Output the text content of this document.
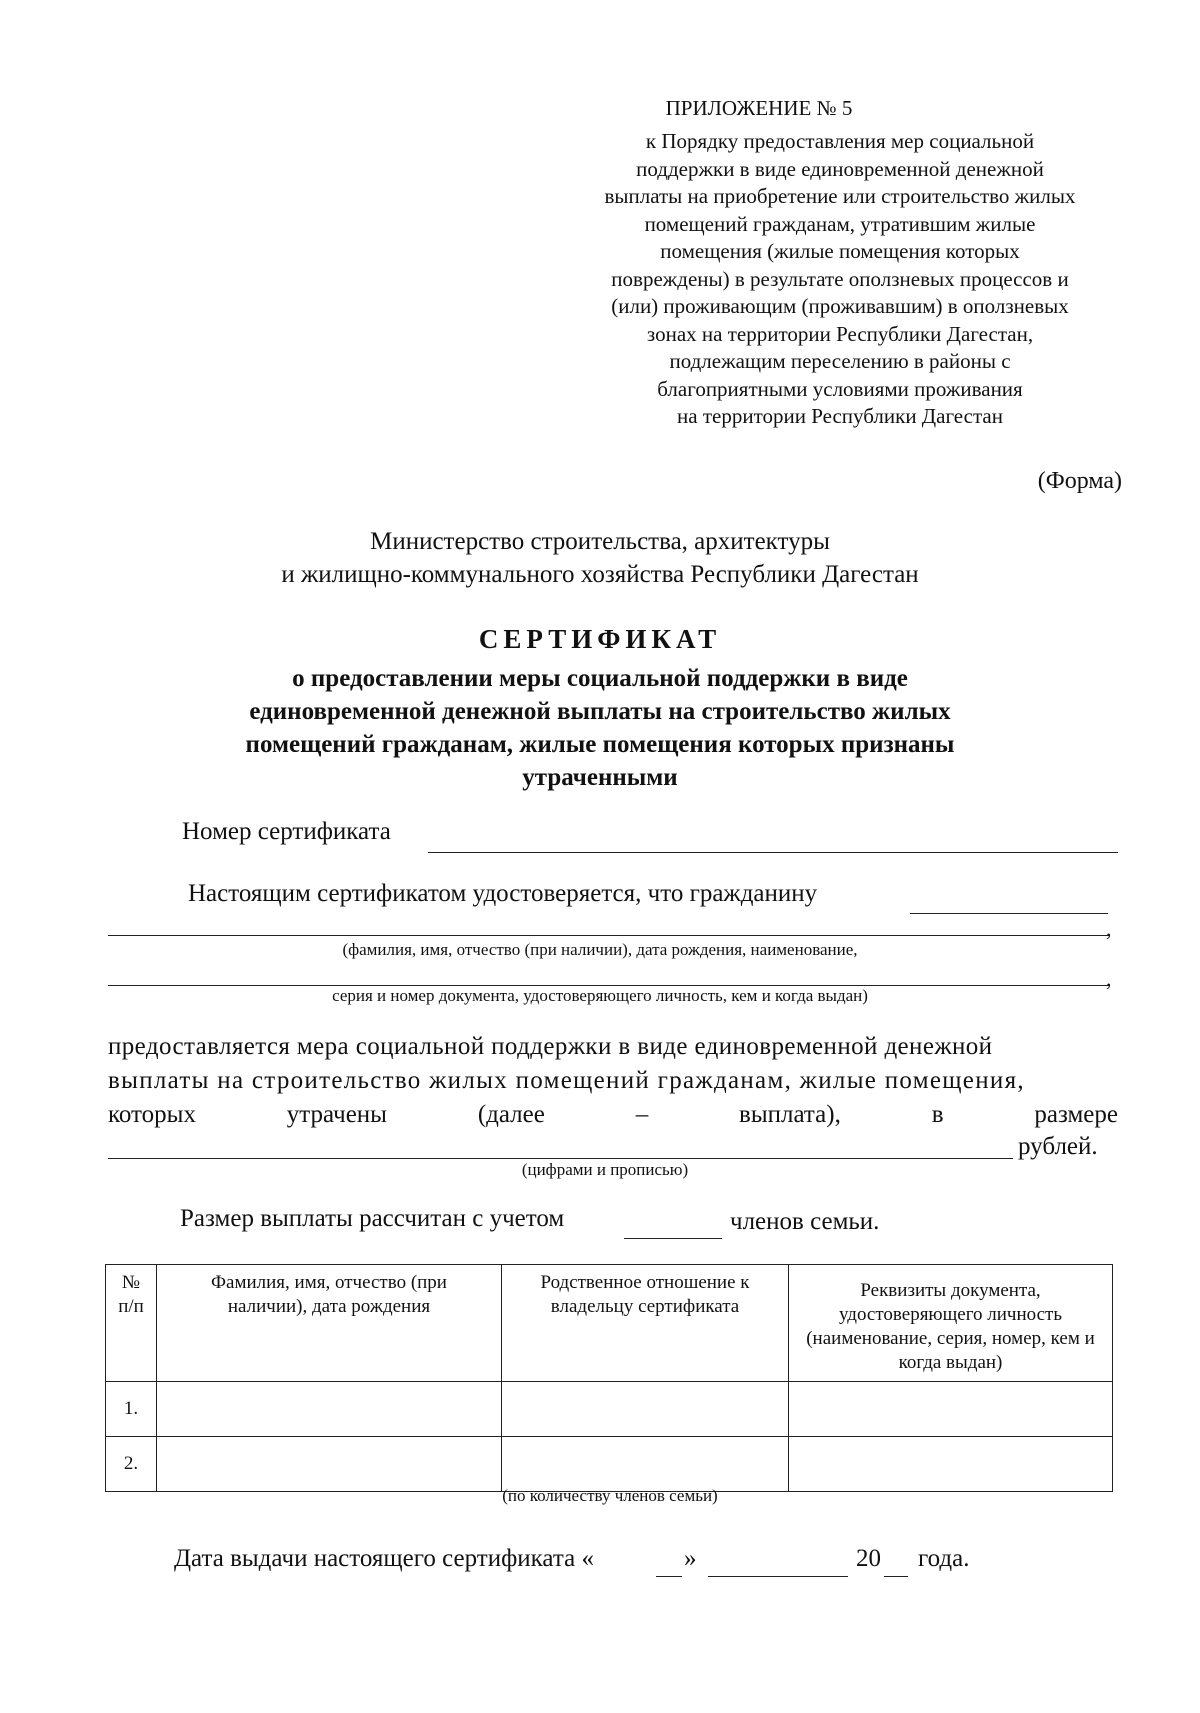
ПРИЛОЖЕНИЕ № 5
к Порядку предоставления мер социальной
поддержки в виде единовременной денежной
выплаты на приобретение или строительство жилых
помещений гражданам, утратившим жилые
помещения (жилые помещения которых
повреждены) в результате оползневых процессов и
(или) проживающим (проживавшим) в оползневых
зонах на территории Республики Дагестан,
подлежащим переселению в районы с
благоприятными условиями проживания
на территории Республики Дагестан
(Форма)
Министерство строительства, архитектуры
и жилищно-коммунального хозяйства Республики Дагестан
СЕРТИФИКАТ
о предоставлении меры социальной поддержки в виде
единовременной денежной выплаты на строительство жилых
помещений гражданам, жилые помещения которых признаны
утраченными
Номер сертификата
Настоящим сертификатом удостоверяется, что гражданину
,
(фамилия, имя, отчество (при наличии), дата рождения, наименование,
,
серия и номер документа, удостоверяющего личность, кем и когда выдан)
предоставляется мера социальной поддержки в виде единовременной денежной
выплаты на строительство жилых помещений гражданам, жилые помещения,
которых	утрачены	(далее	–	выплата),	в	размере
рублей.
(цифрами и прописью)
Размер выплаты рассчитан с учетом	членов семьи.
№ п/п	Фамилия, имя, отчество (при наличии), дата рождения	Родственное отношение к владельцу сертификата	Реквизиты документа, удостоверяющего личность (наименование, серия, номер, кем и когда выдан)
1.			
2.			
(по количеству членов семьи)
Дата выдачи настоящего сертификата «	»	20 года.
